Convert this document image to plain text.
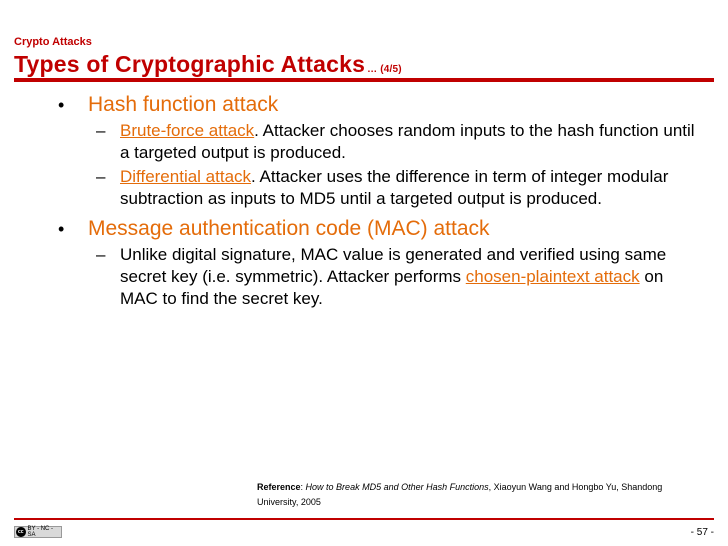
Crypto Attacks
Types of Cryptographic Attacks … (4/5)
• Hash function attack
– Brute-force attack. Attacker chooses random inputs to the hash function until a targeted output is produced.
– Differential attack. Attacker uses the difference in term of integer modular subtraction as inputs to MD5 until a targeted output is produced.
• Message authentication code (MAC) attack
– Unlike digital signature, MAC value is generated and verified using same secret key (i.e. symmetric). Attacker performs chosen-plaintext attack on MAC to find the secret key.
Reference: How to Break MD5 and Other Hash Functions, Xiaoyun Wang and Hongbo Yu, Shandong University, 2005
cc BY - NC - SA	- 57 -
